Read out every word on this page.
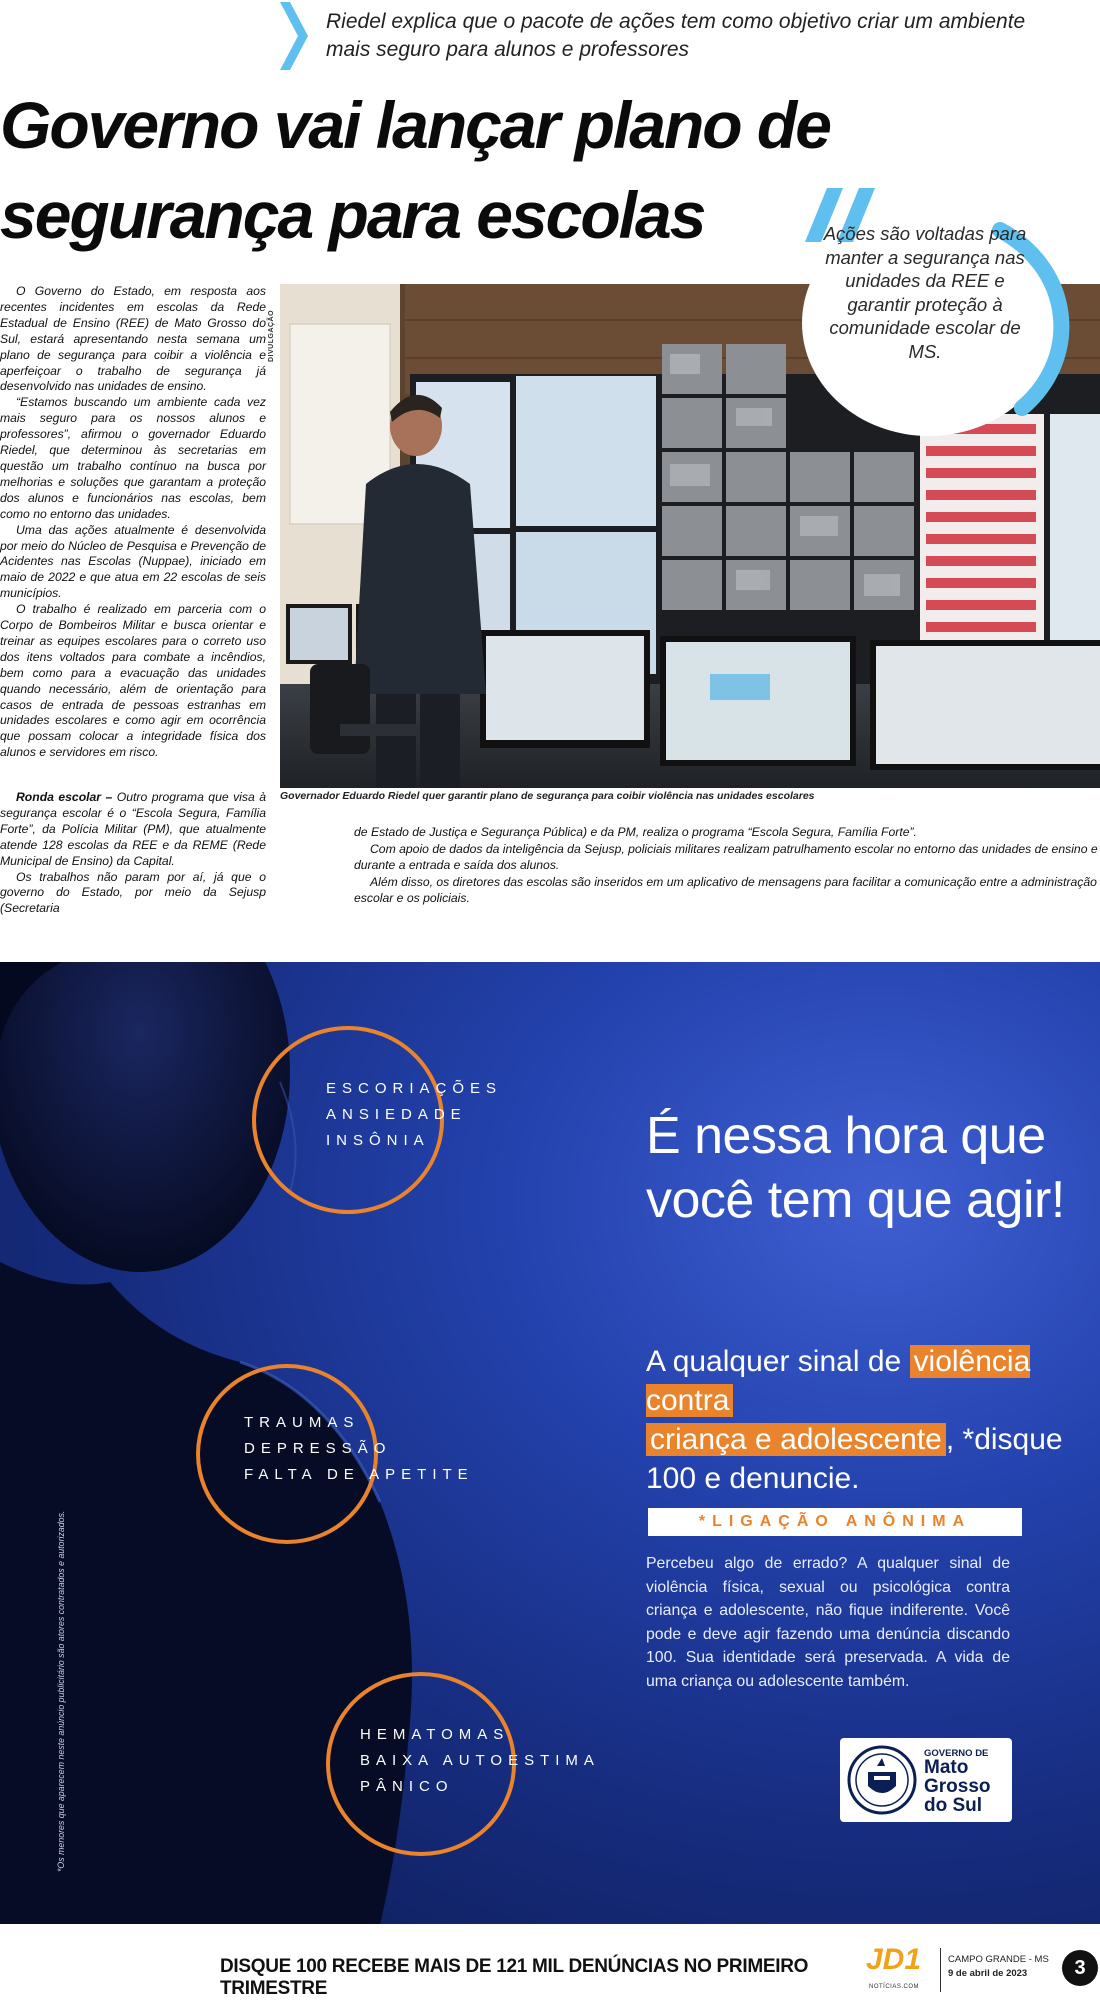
Riedel explica que o pacote de ações tem como objetivo criar um ambiente mais seguro para alunos e professores
Governo vai lançar plano de segurança para escolas

O Governo do Estado, em resposta aos recentes incidentes em escolas da Rede Estadual de Ensino (REE) de Mato Grosso do Sul, estará apresentando nesta semana um plano de segurança para coibir a violência e aperfeiçoar o trabalho de segurança já desenvolvido nas unidades de ensino.

“Estamos buscando um ambiente cada vez mais seguro para os nossos alunos e professores”, afirmou o governador Eduardo Riedel, que determinou às secretarias em questão um trabalho contínuo na busca por melhorias e soluções que garantam a proteção dos alunos e funcionários nas escolas, bem como no entorno das unidades.

Uma das ações atualmente é desenvolvida por meio do Núcleo de Pesquisa e Prevenção de Acidentes nas Escolas (Nuppae), iniciado em maio de 2022 e que atua em 22 escolas de seis municípios.

O trabalho é realizado em parceria com o Corpo de Bombeiros Militar e busca orientar e treinar as equipes escolares para o correto uso dos itens voltados para combate a incêndios, bem como para a evacuação das unidades quando necessário, além de orientação para casos de entrada de pessoas estranhas em unidades escolares e como agir em ocorrência que possam colocar a integridade física dos alunos e servidores em risco.

Ronda escolar – Outro programa que visa à segurança escolar é o “Escola Segura, Família Forte”, da Polícia Militar (PM), que atualmente atende 128 escolas da REE e da REME (Rede Municipal de Ensino) da Capital.

Os trabalhos não param por aí, já que o governo do Estado, por meio da Sejusp (Secretaria

de Estado de Justiça e Segurança Pública) e da PM, realiza o programa “Escola Segura, Família Forte”.

Com apoio de dados da inteligência da Sejusp, policiais militares realizam patrulhamento escolar no entorno das unidades de ensino e durante a entrada e saída dos alunos.

Além disso, os diretores das escolas são inseridos em um aplicativo de mensagens para facilitar a comunicação entre a administração escolar e os policiais.

DIVULGAÇÃO
Governador Eduardo Riedel quer garantir plano de segurança para coibir violência nas unidades escolares
Ações são voltadas para manter a segurança nas unidades da REE e garantir proteção à comunidade escolar de MS.
ESCORIAÇÕES
ANSIEDADE
INSÔNIA
TRAUMAS
DEPRESSÃO
FALTA DE APETITE
HEMATOMAS
BAIXA AUTOESTIMA
PÂNICO
É nessa hora que você tem que agir!
A qualquer sinal de violência contra
criança e adolescente , *disque 100 e denuncie.
*LIGAÇÃO ANÔNIMA
Percebeu algo de errado? A qualquer sinal de violência física, sexual ou psicológica contra criança e adolescente, não fique indiferente. Você pode e deve agir fazendo uma denúncia discando 100. Sua identidade será preservada. A vida de uma criança ou adolescente também.
*Os menores que aparecem neste anúncio publicitário são atores contratados e autorizados.	GOVERNO DE
Mato Grosso do Sul
DISQUE 100 RECEBE MAIS DE 121 MIL DENÚNCIAS NO PRIMEIRO TRIMESTRE
JD1
NOTÍCIAS.COM
CAMPO GRANDE - MS
9 de abril de 2023	3
